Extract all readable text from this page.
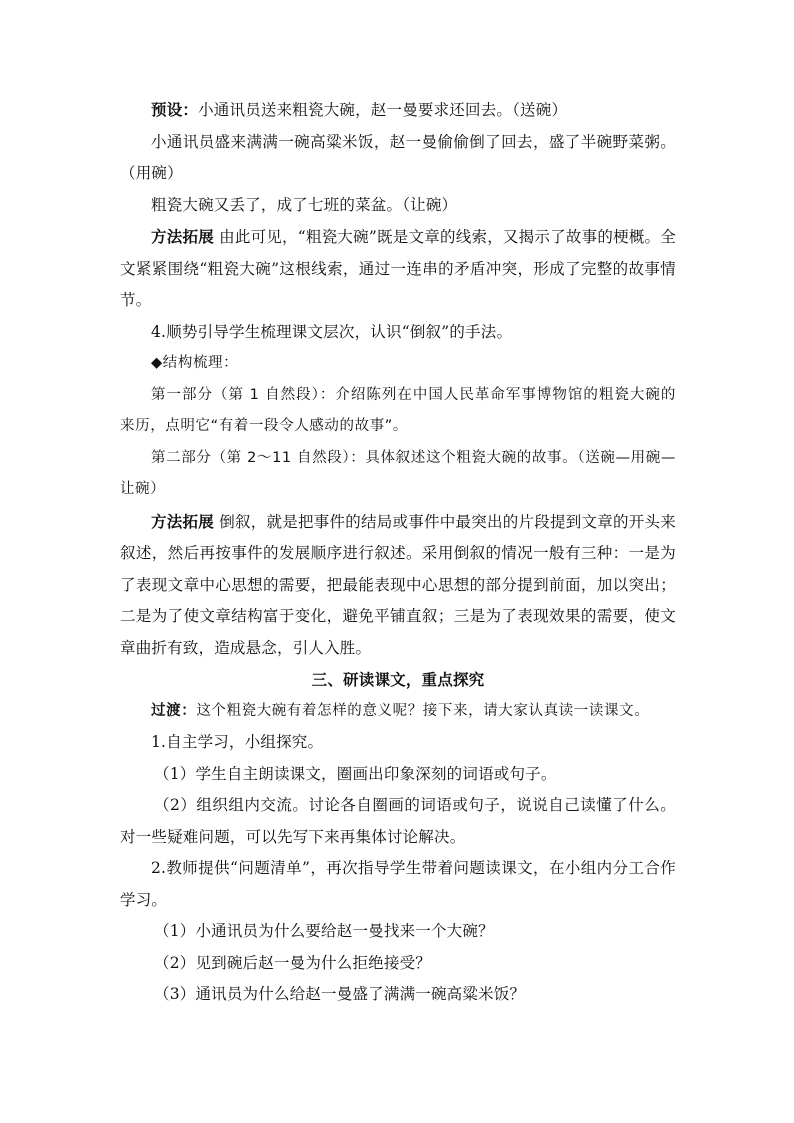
预设：小通讯员送来粗瓷大碗，赵一曼要求还回去。（送碗）

小通讯员盛来满满一碗高粱米饭，赵一曼偷偷倒了回去，盛了半碗野菜粥。（用碗）

粗瓷大碗又丢了，成了七班的菜盆。（让碗）

方法拓展 由此可见，“粗瓷大碗”既是文章的线索，又揭示了故事的梗概。全文紧紧围绕“粗瓷大碗”这根线索，通过一连串的矛盾冲突，形成了完整的故事情节。

4.顺势引导学生梳理课文层次，认识“倒叙”的手法。

◆结构梳理：

第一部分（第 1 自然段）：介绍陈列在中国人民革命军事博物馆的粗瓷大碗的来历，点明它“有着一段令人感动的故事”。

第二部分（第 2～11 自然段）：具体叙述这个粗瓷大碗的故事。（送碗—用碗—让碗）

方法拓展 倒叙，就是把事件的结局或事件中最突出的片段提到文章的开头来叙述，然后再按事件的发展顺序进行叙述。采用倒叙的情况一般有三种：一是为了表现文章中心思想的需要，把最能表现中心思想的部分提到前面，加以突出；二是为了使文章结构富于变化，避免平铺直叙；三是为了表现效果的需要，使文章曲折有致，造成悬念，引人入胜。

三、研读课文，重点探究

过渡：这个粗瓷大碗有着怎样的意义呢？接下来，请大家认真读一读课文。

1.自主学习，小组探究。

（1）学生自主朗读课文，圈画出印象深刻的词语或句子。

（2）组织组内交流。讨论各自圈画的词语或句子，说说自己读懂了什么。对一些疑难问题，可以先写下来再集体讨论解决。

2.教师提供“问题清单”，再次指导学生带着问题读课文，在小组内分工合作学习。

（1）小通讯员为什么要给赵一曼找来一个大碗？

（2）见到碗后赵一曼为什么拒绝接受？

（3）通讯员为什么给赵一曼盛了满满一碗高粱米饭？
